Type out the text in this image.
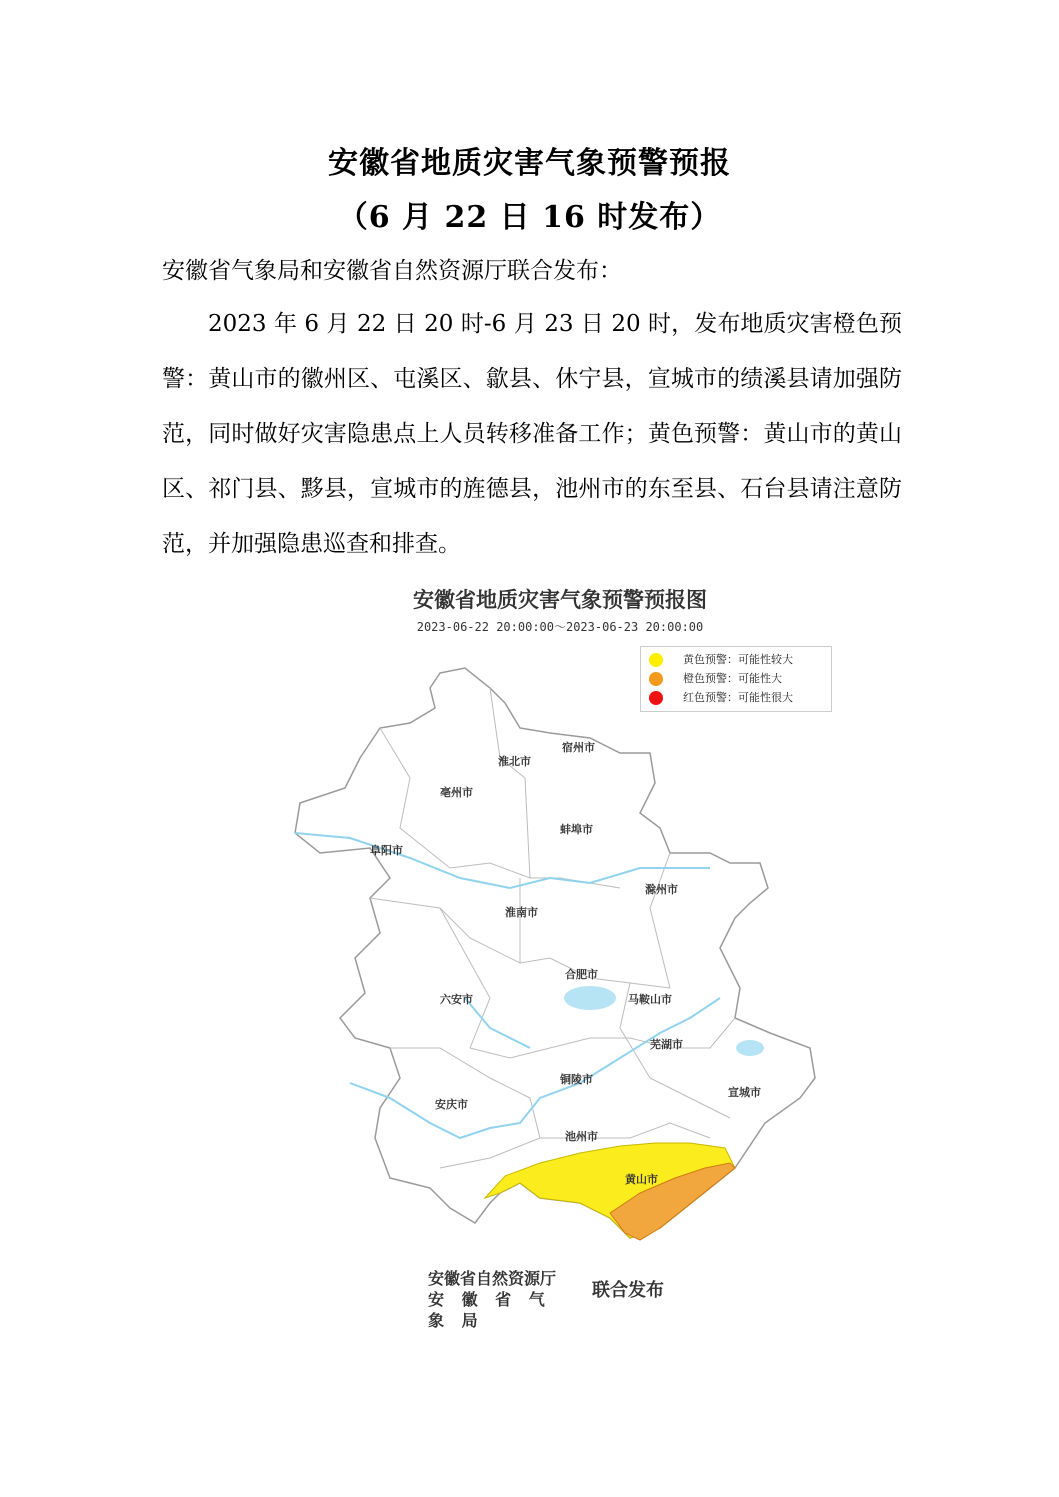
安徽省地质灾害气象预警预报
（6 月 22 日 16 时发布）
安徽省气象局和安徽省自然资源厅联合发布：
2023 年 6 月 22 日 20 时-6 月 23 日 20 时，发布地质灾害橙色预警：黄山市的徽州区、屯溪区、歙县、休宁县，宣城市的绩溪县请加强防范，同时做好灾害隐患点上人员转移准备工作；黄色预警：黄山市的黄山区、祁门县、黟县，宣城市的旌德县，池州市的东至县、石台县请注意防范，并加强隐患巡查和排查。
宿州市
淮北市
亳州市
阜阳市
蚌埠市
淮南市
滁州市
合肥市
六安市	马鞍山市
芜湖市
铜陵市
安庆市
宣城市
池州市
黄山市
安徽省地质灾害气象预警预报图
2023-06-22 20:00:00～2023-06-23 20:00:00
黄色预警：可能性较大
橙色预警：可能性大
红色预警：可能性很大
安徽省自然资源厅
安 徽 省 气 象 局
联合发布
